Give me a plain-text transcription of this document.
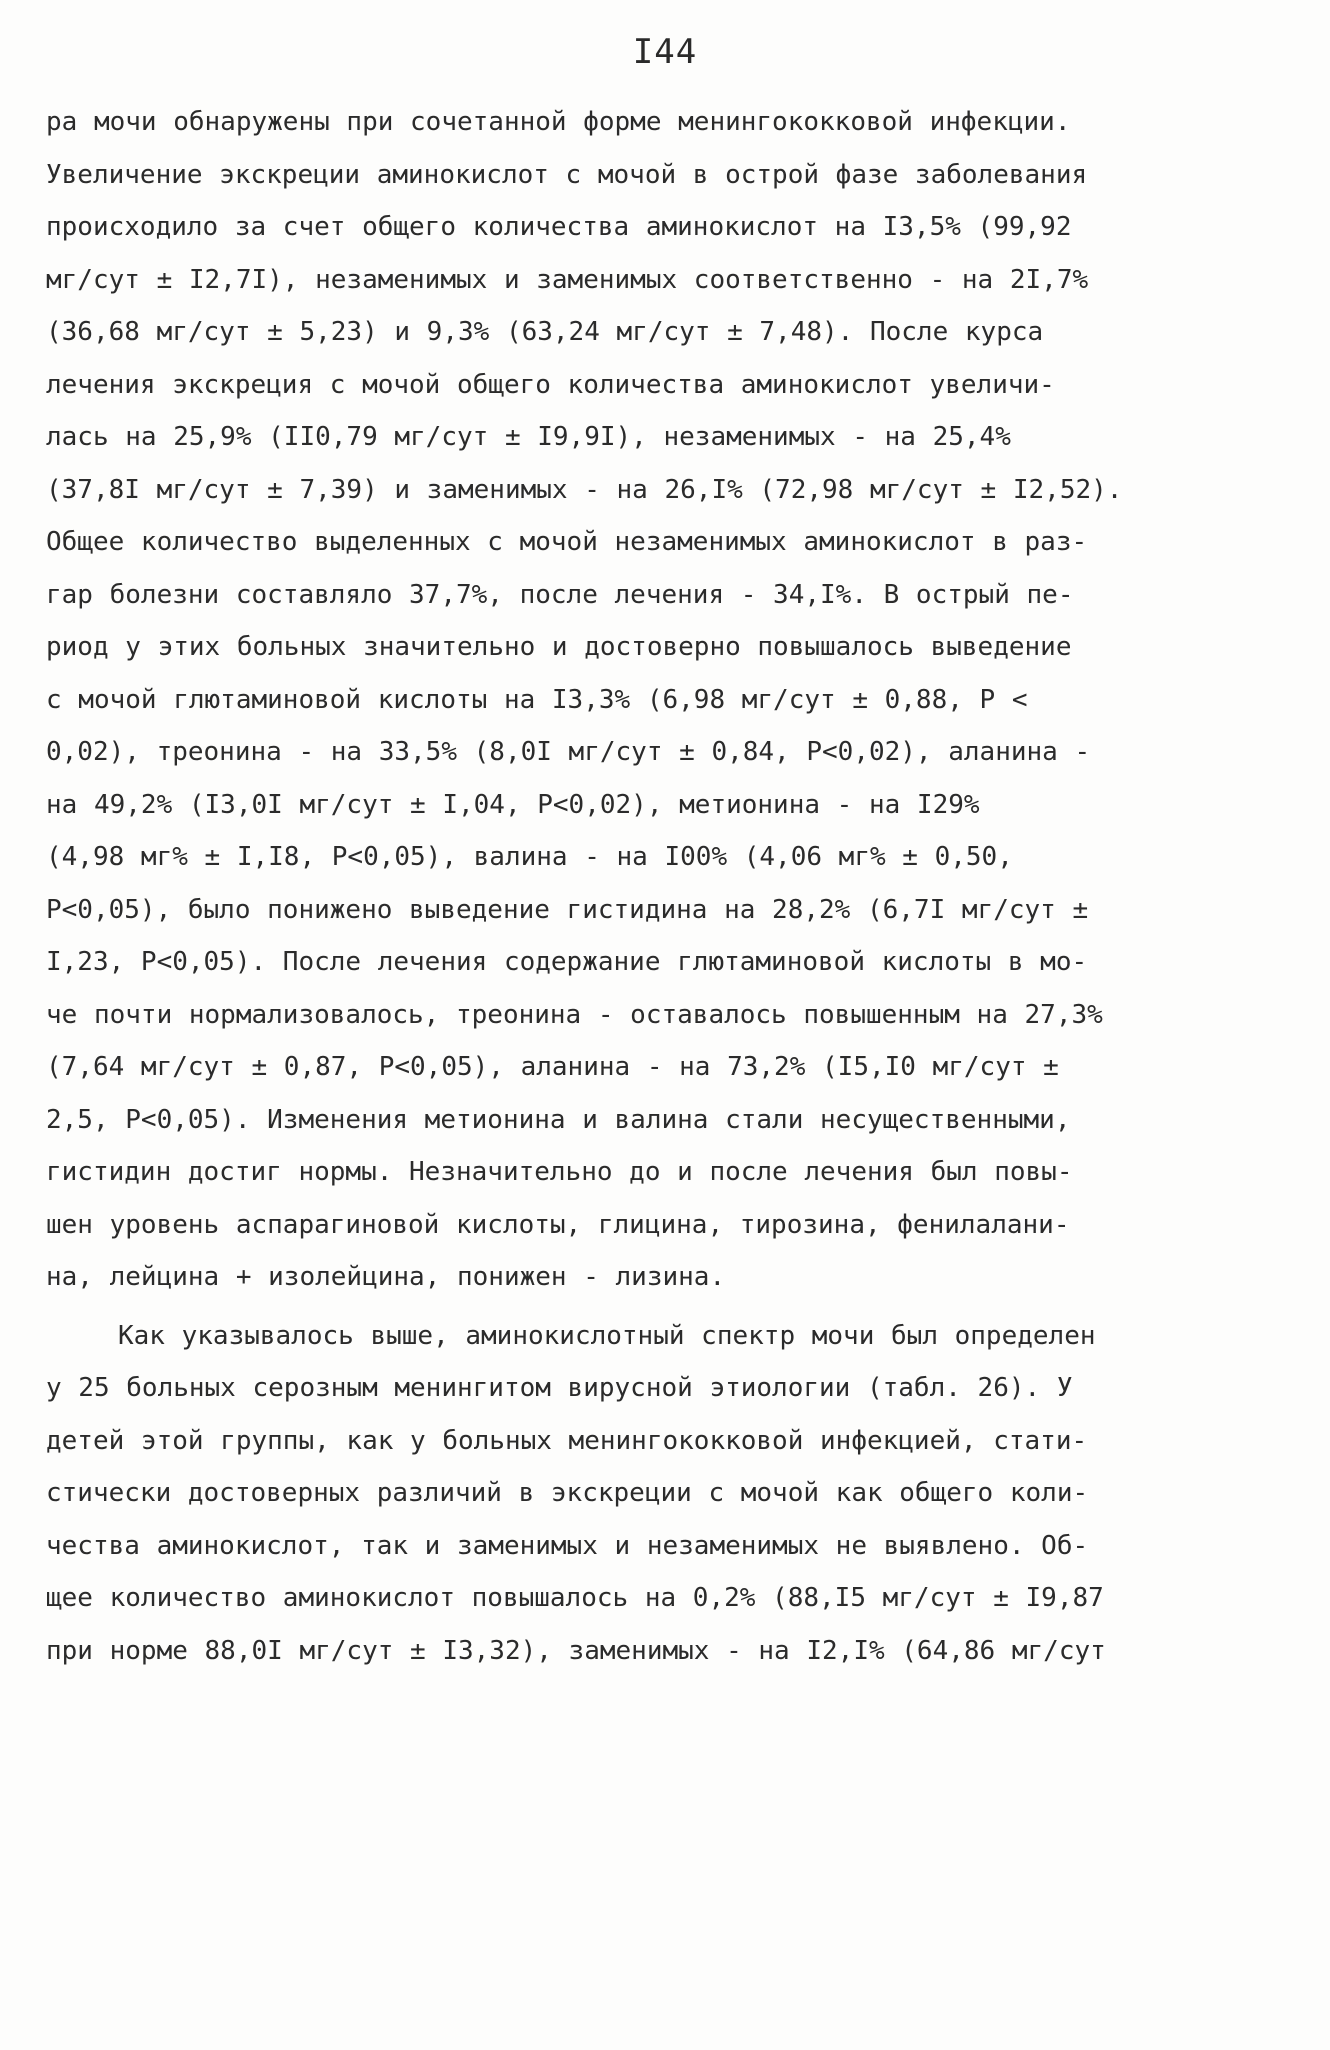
I44
ра мочи обнаружены при сочетанной форме менингококковой инфекции.
Увеличение экскреции аминокислот с мочой в острой фазе заболевания
происходило за счет общего количества аминокислот на I3,5% (99,92
мг/сут ± I2,7I), незаменимых и заменимых соответственно - на 2I,7%
(36,68 мг/сут ± 5,23) и 9,3% (63,24 мг/сут ± 7,48). После курса
лечения экскреция с мочой общего количества аминокислот увеличи-
лась на 25,9% (II0,79 мг/сут ± I9,9I), незаменимых - на 25,4%
(37,8I мг/сут ± 7,39) и заменимых - на 26,I% (72,98 мг/сут ± I2,52).
Общее количество выделенных с мочой незаменимых аминокислот в раз-
гар болезни составляло 37,7%, после лечения - 34,I%. В острый пе-
риод у этих больных значительно и достоверно повышалось выведение
с мочой глютаминовой кислоты на I3,3% (6,98 мг/сут ± 0,88, Р <
0,02), треонина - на 33,5% (8,0I мг/сут ± 0,84, Р<0,02), аланина -
на 49,2% (I3,0I мг/сут ± I,04, Р<0,02), метионина - на I29%
(4,98 мг% ± I,I8, Р<0,05), валина - на I00% (4,06 мг% ± 0,50,
Р<0,05), было понижено выведение гистидина на 28,2% (6,7I мг/сут ±
I,23, Р<0,05). После лечения содержание глютаминовой кислоты в мо-
че почти нормализовалось, треонина - оставалось повышенным на 27,3%
(7,64 мг/сут ± 0,87, Р<0,05), аланина - на 73,2% (I5,I0 мг/сут ±
2,5, Р<0,05). Изменения метионина и валина стали несущественными,
гистидин достиг нормы. Незначительно до и после лечения был повы-
шен уровень аспарагиновой кислоты, глицина, тирозина, фенилалани-
на, лейцина + изолейцина, понижен - лизина.
Как указывалось выше, аминокислотный спектр мочи был определен
у 25 больных серозным менингитом вирусной этиологии (табл. 26). У
детей этой группы, как у больных менингококковой инфекцией, стати-
стически достоверных различий в экскреции с мочой как общего коли-
чества аминокислот, так и заменимых и незаменимых не выявлено. Об-
щее количество аминокислот повышалось на 0,2% (88,I5 мг/сут ± I9,87
при норме 88,0I мг/сут ± I3,32), заменимых - на I2,I% (64,86 мг/сут
